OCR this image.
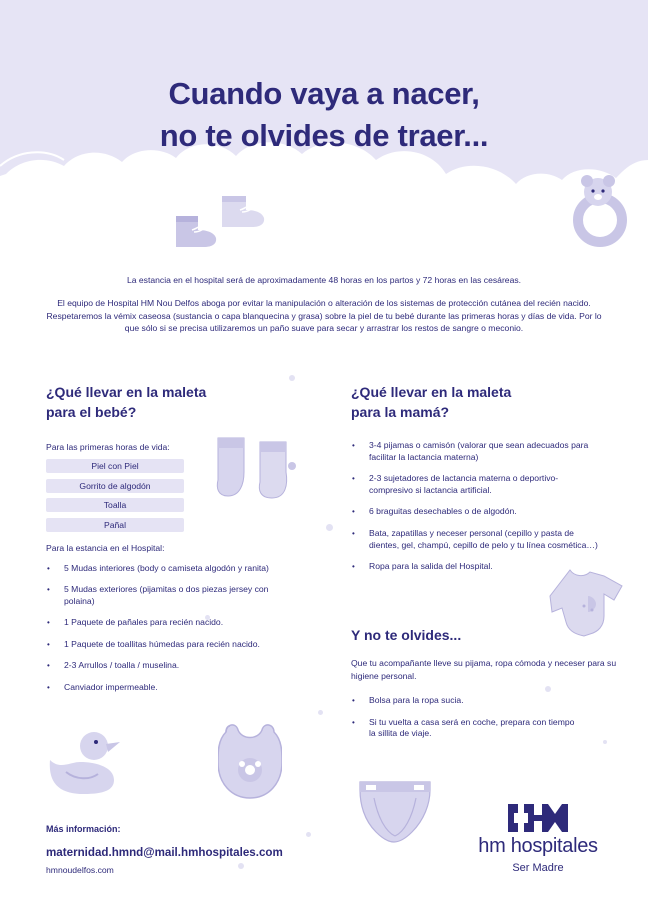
Cuando vaya a nacer,
no te olvides de traer...

La estancia en el hospital será de aproximadamente 48 horas en los partos y 72 horas en las cesáreas.

El equipo de Hospital HM Nou Delfos aboga por evitar la manipulación o alteración de los sistemas de protección cutánea del recién nacido. Respetaremos la vémix caseosa (sustancia o capa blanquecina y grasa) sobre la piel de tu bebé durante las primeras horas y días de vida. Por lo que sólo si se precisa utilizaremos un paño suave para secar y arrastrar los restos de sangre o meconio.

¿Qué llevar en la maleta
para el bebé?
Para las primeras horas de vida:
Piel con Piel
Gorrito de algodón
Toalla
Pañal
Para la estancia en el Hospital:
• 5 Mudas interiores (body o camiseta algodón y ranita)
• 5 Mudas exteriores (pijamitas o dos piezas jersey con polaina)
• 1 Paquete de pañales para recién nacido.
• 1 Paquete de toallitas húmedas para recién nacido.
• 2-3 Arrullos / toalla / muselina.
• Canviador impermeable.
Más información:
maternidad.hmnd@mail.hmhospitales.com
hmnoudelfos.com
¿Qué llevar en la maleta
para la mamá?
• 3-4 pijamas o camisón (valorar que sean adecuados para facilitar la lactancia materna)
• 2-3 sujetadores de lactancia materna o deportivo-compresivo si lactancia artificial.
• 6 braguitas desechables o de algodón.
• Bata, zapatillas y neceser personal (cepillo y pasta de dientes, gel, champú, cepillo de pelo y tu línea cosmética…)
• Ropa para la salida del Hospital.
Y no te olvides...
Que tu acompañante lleve su pijama, ropa cómoda y neceser para su higiene personal.
• Bolsa para la ropa sucia.
• Si tu vuelta a casa será en coche, prepara con tiempo la sillita de viaje.
hm hospitales
Ser Madre
